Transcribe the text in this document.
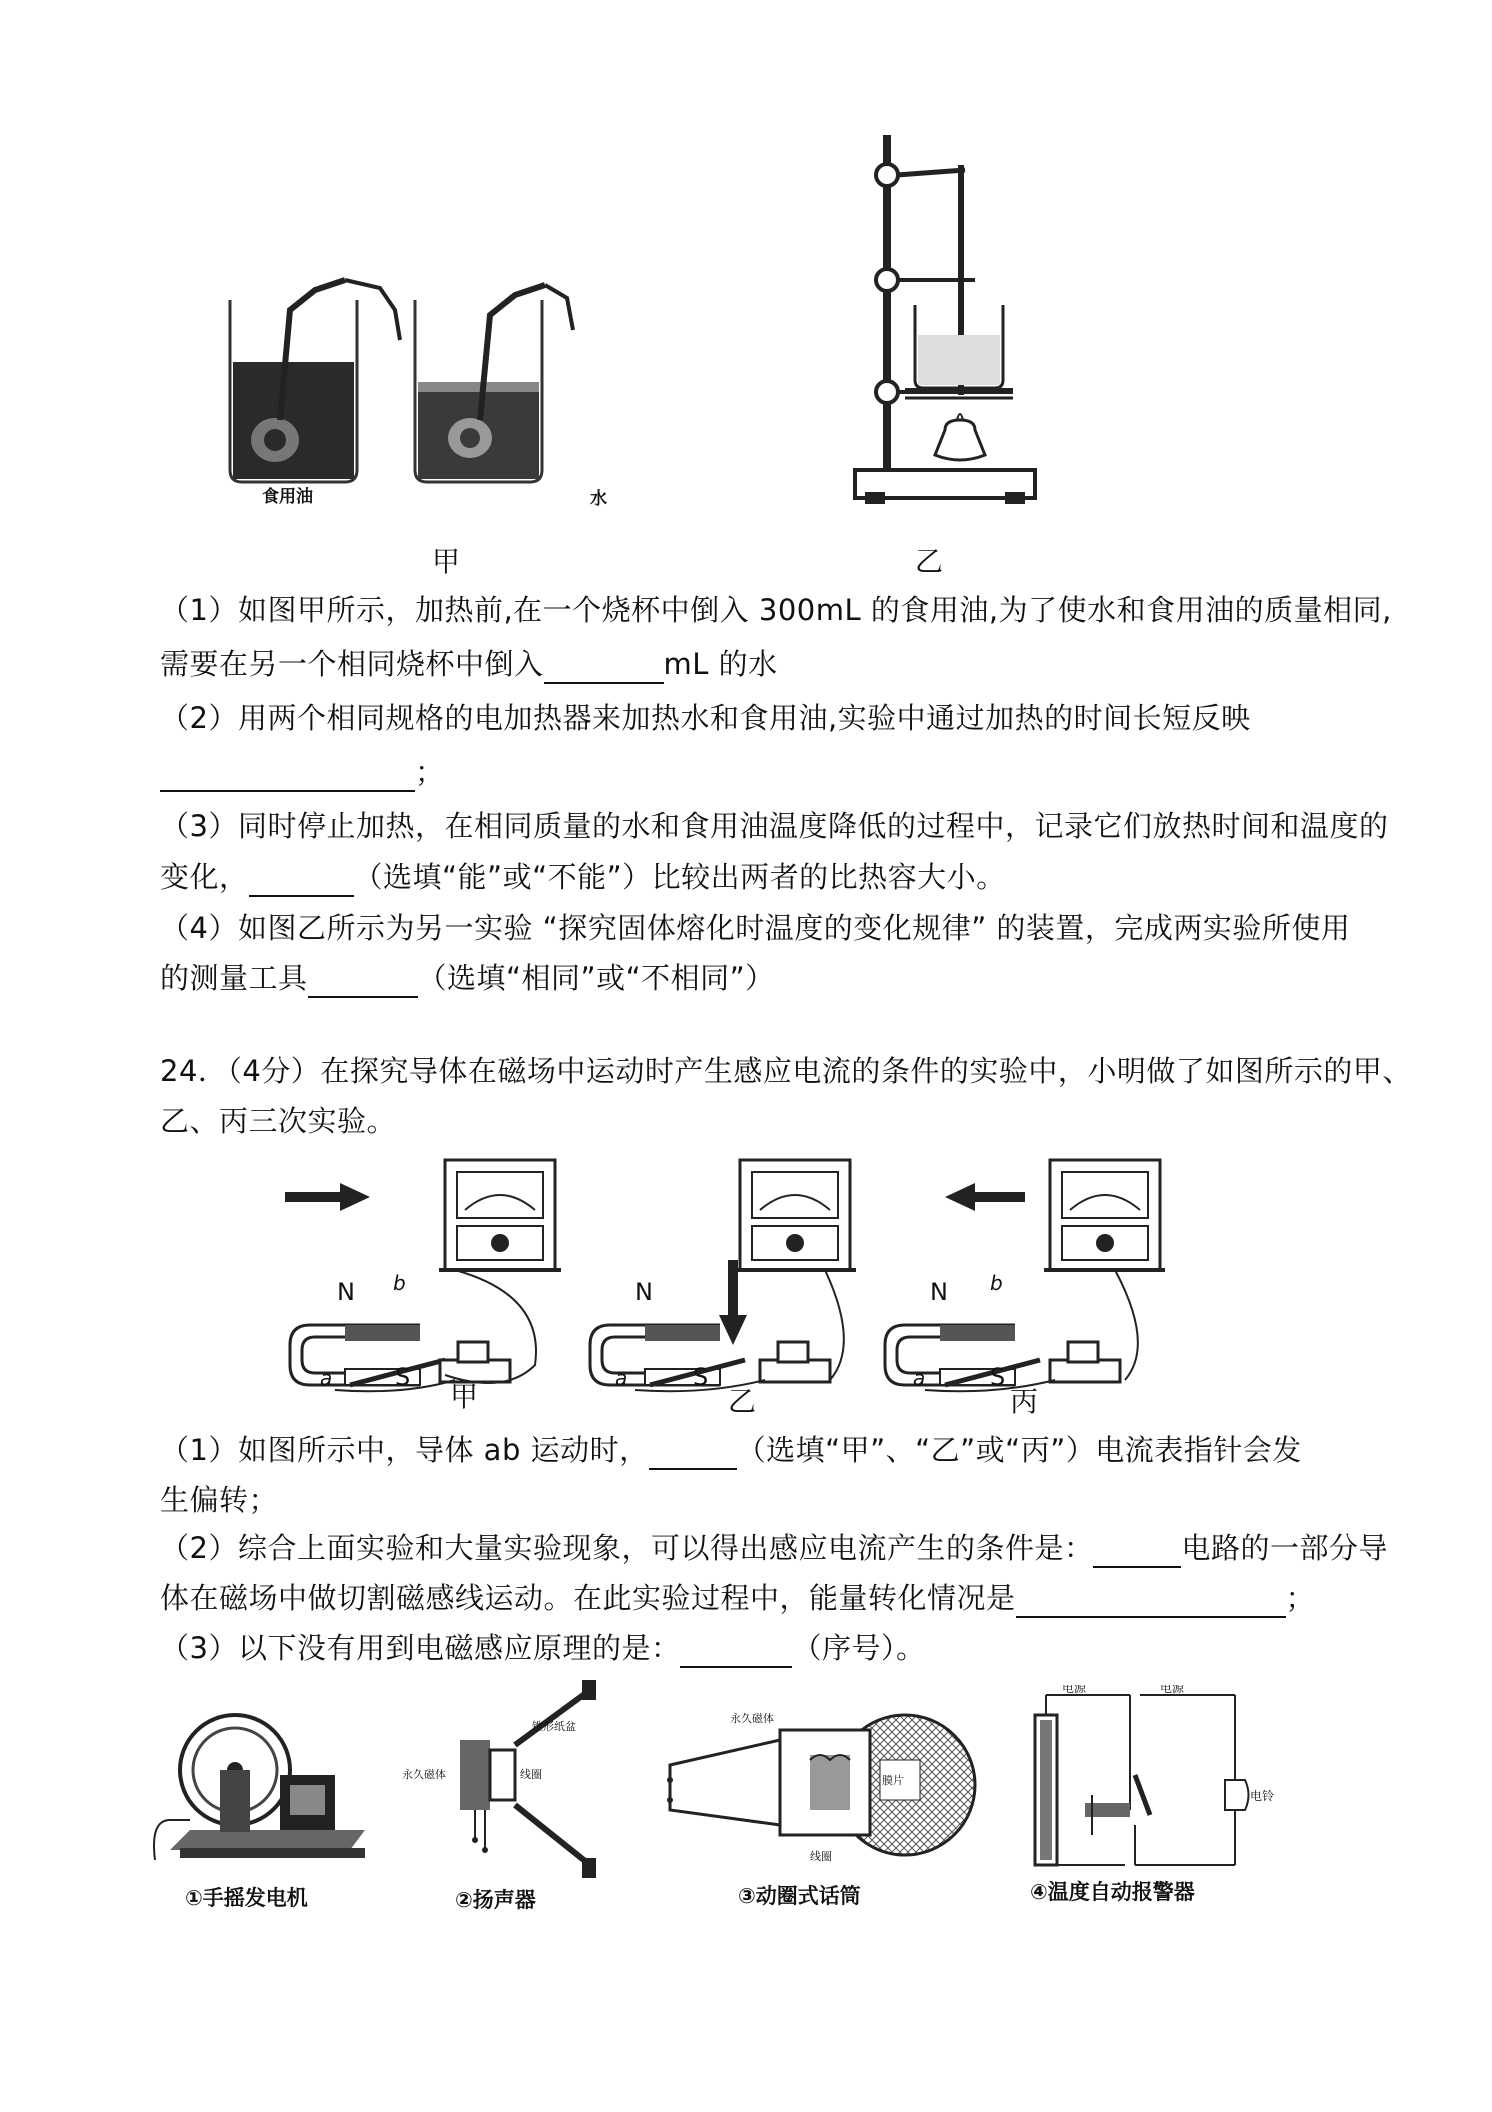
食用油	水
甲	乙
（1）如图甲所示，加热前,在一个烧杯中倒入 300mL 的食用油,为了使水和食用油的质量相同,
需要在另一个相同烧杯中倒入	mL 的水
（2）用两个相同规格的电加热器来加热水和食用油,实验中通过加热的时间长短反映
；
（3）同时停止加热，在相同质量的水和食用油温度降低的过程中，记录它们放热时间和温度的
变化，	（选填“能”或“不能”）比较出两者的比热容大小。
（4）如图乙所示为另一实验 “探究固体熔化时温度的变化规律” 的装置，完成两实验所使用
的测量工具	（选填“相同”或“不相同”）
24．（4分）在探究导体在磁场中运动时产生感应电流的条件的实验中，小明做了如图所示的甲、
乙、丙三次实验。
N b
a	S
N
a	S
N b
a	S
甲	乙	丙
（1）如图所示中，导体 ab 运动时，	（选填“甲”、“乙”或“丙”）电流表指针会发
生偏转；
（2）综合上面实验和大量实验现象，可以得出感应电流产生的条件是：	电路的一部分导
体在磁场中做切割磁感线运动。在此实验过程中，能量转化情况是	；
（3）以下没有用到电磁感应原理的是：	（序号）。
永久磁体	线圈
锥形纸盆
永久磁体
膜片
线圈
电源	电源
电铃
①手摇发电机	②扬声器	③动圈式话筒	④温度自动报警器
